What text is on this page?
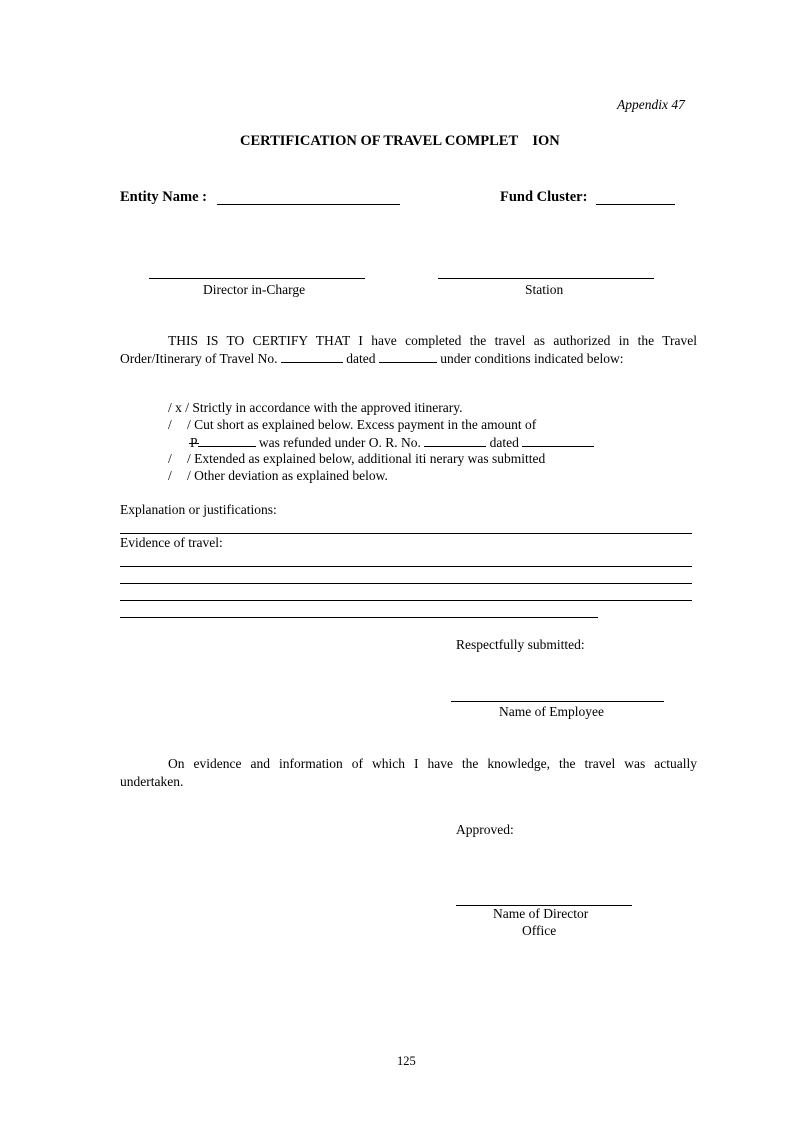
Appendix 47
CERTIFICATION OF TRAVEL COMPLET    ION
Entity Name :	Fund Cluster:
Director in-Charge	Station
THIS IS TO CERTIFY THAT I have completed the travel as authorized in the Travel
Order/Itinerary of Travel No.	dated	under conditions indicated below:
/ x / Strictly in accordance with the approved itinerary.
/ / Cut short as explained below. Excess payment in the amount of
P	was refunded under O. R. No.	dated
/ / Extended as explained below, additional iti nerary was submitted
/ / Other deviation as explained below.
Explanation or justifications:
Evidence of travel:
Respectfully submitted:
Name of Employee
On evidence and information of which I have the knowledge, the travel was actually
undertaken.
Approved:
Name of Director
Office
125
